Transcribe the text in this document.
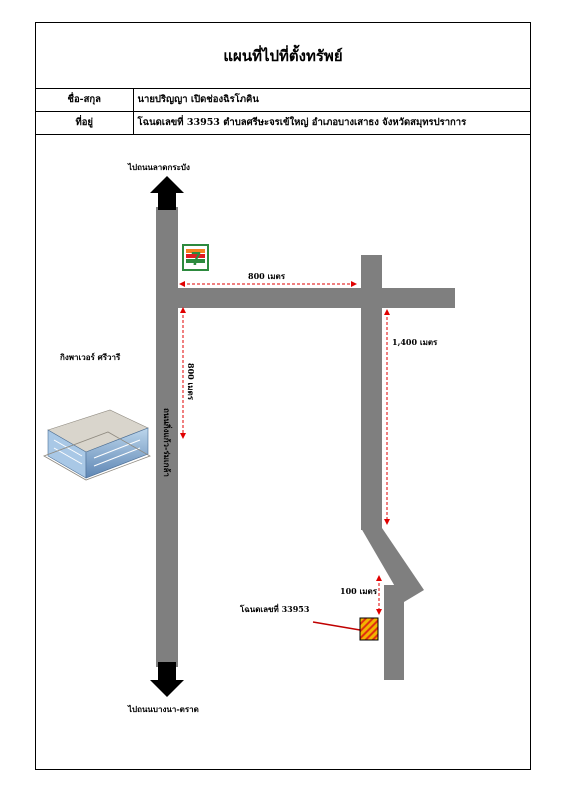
แผนที่ไปที่ตั้งทรัพย์
ชื่อ-สกุล	นายปริญญา เปิดช่องฉิรโภคิน
ที่อยู่	โฉนดเลขที่ 33953 ตำบลศรีษะจรเข้ใหญ่ อำเภอบางเสาธง จังหวัดสมุทรปราการ
ไปถนนลาดกระบัง
ไปถนนบางนา-ตราด
ถนนกิ่งแก้ว-ร่มเกล้า
7
800 เมตร
800 เมตร
1,400 เมตร
100 เมตร
กิงพาเวอร์ ศรีวารี
โฉนดเลขที่ 33953
